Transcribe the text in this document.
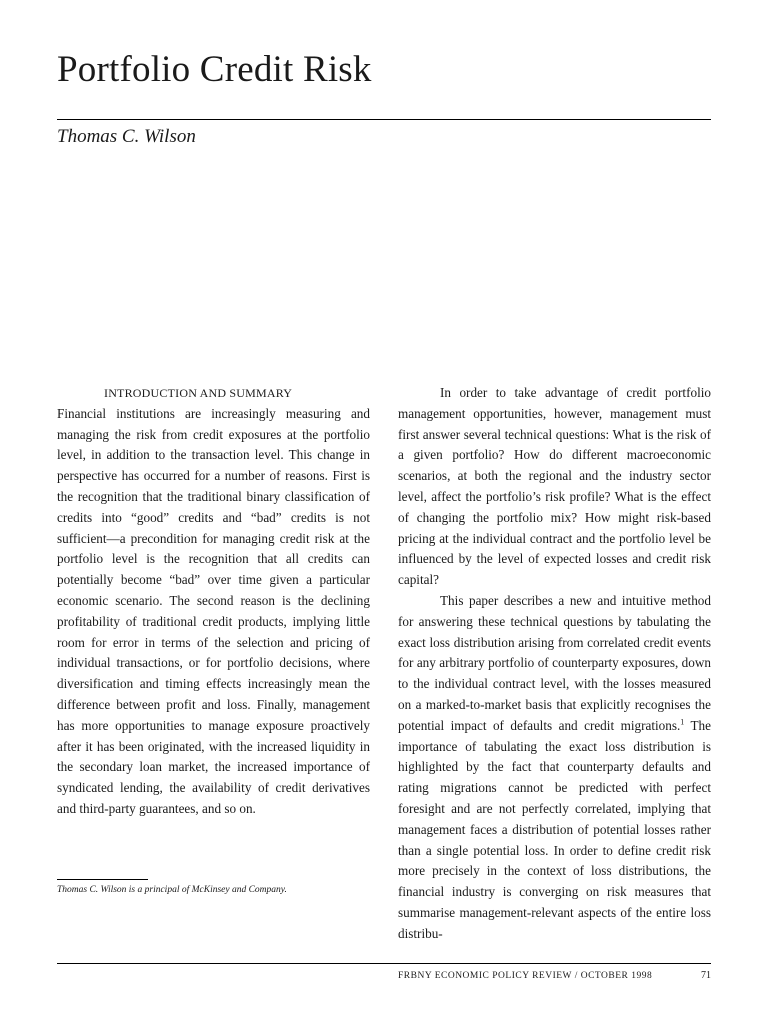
Portfolio Credit Risk
Thomas C. Wilson

INTRODUCTION AND SUMMARY

Financial institutions are increasingly measuring and managing the risk from credit exposures at the portfolio level, in addition to the transaction level. This change in perspective has occurred for a number of reasons. First is the recognition that the traditional binary classification of credits into “good” credits and “bad” credits is not sufficient—a precondition for managing credit risk at the portfolio level is the recognition that all credits can potentially become “bad” over time given a particular economic scenario. The second reason is the declining profitability of traditional credit products, implying little room for error in terms of the selection and pricing of individual transactions, or for portfolio decisions, where diversification and timing effects increasingly mean the difference between profit and loss. Finally, management has more opportunities to manage exposure proactively after it has been originated, with the increased liquidity in the secondary loan market, the increased importance of syndicated lending, the availability of credit derivatives and third-party guarantees, and so on.

In order to take advantage of credit portfolio management opportunities, however, management must first answer several technical questions: What is the risk of a given portfolio? How do different macroeconomic scenarios, at both the regional and the industry sector level, affect the portfolio’s risk profile? What is the effect of changing the portfolio mix? How might risk-based pricing at the individual contract and the portfolio level be influenced by the level of expected losses and credit risk capital?

This paper describes a new and intuitive method for answering these technical questions by tabulating the exact loss distribution arising from correlated credit events for any arbitrary portfolio of counterparty exposures, down to the individual contract level, with the losses measured on a marked-to-market basis that explicitly recognises the potential impact of defaults and credit migrations.$^1$ The importance of tabulating the exact loss distribution is highlighted by the fact that counterparty defaults and rating migrations cannot be predicted with perfect foresight and are not perfectly correlated, implying that management faces a distribution of potential losses rather than a single potential loss. In order to define credit risk more precisely in the context of loss distributions, the financial industry is converging on risk measures that summarise management-relevant aspects of the entire loss distribu-

Thomas C. Wilson is a principal of McKinsey and Company.
FRBNY ECONOMIC POLICY REVIEW / OCTOBER 1998	71
